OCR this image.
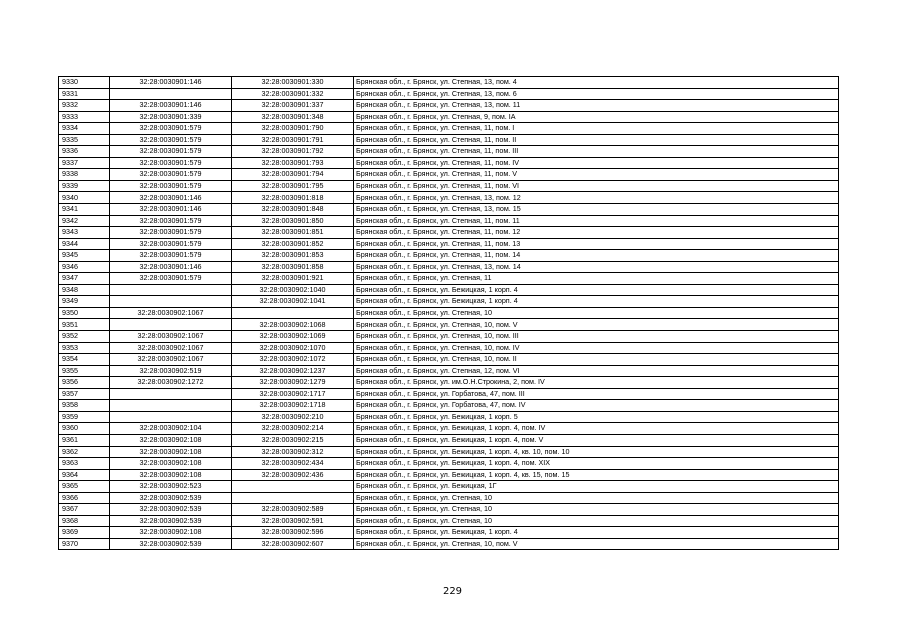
9330	32:28:0030901:146	32:28:0030901:330	Брянская обл., г. Брянск, ул. Степная, 13, пом. 4
9331		32:28:0030901:332	Брянская обл., г. Брянск, ул. Степная, 13, пом. 6
9332	32:28:0030901:146	32:28:0030901:337	Брянская обл., г. Брянск, ул. Степная, 13, пом. 11
9333	32:28:0030901:339	32:28:0030901:348	Брянская обл., г. Брянск, ул. Степная, 9, пом. IA
9334	32:28:0030901:579	32:28:0030901:790	Брянская обл., г. Брянск, ул. Степная, 11, пом. I
9335	32:28:0030901:579	32:28:0030901:791	Брянская обл., г. Брянск, ул. Степная, 11, пом. II
9336	32:28:0030901:579	32:28:0030901:792	Брянская обл., г. Брянск, ул. Степная, 11, пом. III
9337	32:28:0030901:579	32:28:0030901:793	Брянская обл., г. Брянск, ул. Степная, 11, пом. IV
9338	32:28:0030901:579	32:28:0030901:794	Брянская обл., г. Брянск, ул. Степная, 11, пом. V
9339	32:28:0030901:579	32:28:0030901:795	Брянская обл., г. Брянск, ул. Степная, 11, пом. VI
9340	32:28:0030901:146	32:28:0030901:818	Брянская обл., г. Брянск, ул. Степная, 13, пом. 12
9341	32:28:0030901:146	32:28:0030901:848	Брянская обл., г. Брянск, ул. Степная, 13, пом. 15
9342	32:28:0030901:579	32:28:0030901:850	Брянская обл., г. Брянск, ул. Степная, 11, пом. 11
9343	32:28:0030901:579	32:28:0030901:851	Брянская обл., г. Брянск, ул. Степная, 11, пом. 12
9344	32:28:0030901:579	32:28:0030901:852	Брянская обл., г. Брянск, ул. Степная, 11, пом. 13
9345	32:28:0030901:579	32:28:0030901:853	Брянская обл., г. Брянск, ул. Степная, 11, пом. 14
9346	32:28:0030901:146	32:28:0030901:858	Брянская обл., г. Брянск, ул. Степная, 13, пом. 14
9347	32:28:0030901:579	32:28:0030901:921	Брянская обл., г. Брянск, ул. Степная, 11
9348		32:28:0030902:1040	Брянская обл., г. Брянск, ул. Бежицкая, 1 корп. 4
9349		32:28:0030902:1041	Брянская обл., г. Брянск, ул. Бежицкая, 1 корп. 4
9350	32:28:0030902:1067		Брянская обл., г. Брянск, ул. Степная, 10
9351		32:28:0030902:1068	Брянская обл., г. Брянск, ул. Степная, 10, пом. V
9352	32:28:0030902:1067	32:28:0030902:1069	Брянская обл., г. Брянск, ул. Степная, 10, пом. III
9353	32:28:0030902:1067	32:28:0030902:1070	Брянская обл., г. Брянск, ул. Степная, 10, пом. IV
9354	32:28:0030902:1067	32:28:0030902:1072	Брянская обл., г. Брянск, ул. Степная, 10, пом. II
9355	32:28:0030902:519	32:28:0030902:1237	Брянская обл., г. Брянск, ул. Степная, 12, пом. VI
9356	32:28:0030902:1272	32:28:0030902:1279	Брянская обл., г. Брянск, ул. им.О.Н.Строкина, 2, пом. IV
9357		32:28:0030902:1717	Брянская обл., г. Брянск, ул. Горбатова, 47, пом. III
9358		32:28:0030902:1718	Брянская обл., г. Брянск, ул. Горбатова, 47, пом. IV
9359		32:28:0030902:210	Брянская обл., г. Брянск, ул. Бежицкая, 1 корп. 5
9360	32:28:0030902:104	32:28:0030902:214	Брянская обл., г. Брянск, ул. Бежицкая, 1 корп. 4, пом. IV
9361	32:28:0030902:108	32:28:0030902:215	Брянская обл., г. Брянск, ул. Бежицкая, 1 корп. 4, пом. V
9362	32:28:0030902:108	32:28:0030902:312	Брянская обл., г. Брянск, ул. Бежицкая, 1 корп. 4, кв. 10, пом. 10
9363	32:28:0030902:108	32:28:0030902:434	Брянская обл., г. Брянск, ул. Бежицкая, 1 корп. 4, пом. XIX
9364	32:28:0030902:108	32:28:0030902:436	Брянская обл., г. Брянск, ул. Бежицкая, 1 корп. 4, кв. 15, пом. 15
9365	32:28:0030902:523		Брянская обл., г. Брянск, ул. Бежицкая, 1Г
9366	32:28:0030902:539		Брянская обл., г. Брянск, ул. Степная, 10
9367	32:28:0030902:539	32:28:0030902:589	Брянская обл., г. Брянск, ул. Степная, 10
9368	32:28:0030902:539	32:28:0030902:591	Брянская обл., г. Брянск, ул. Степная, 10
9369	32:28:0030902:108	32:28:0030902:596	Брянская обл., г. Брянск, ул. Бежицкая, 1 корп. 4
9370	32:28:0030902:539	32:28:0030902:607	Брянская обл., г. Брянск, ул. Степная, 10, пом. V
229
